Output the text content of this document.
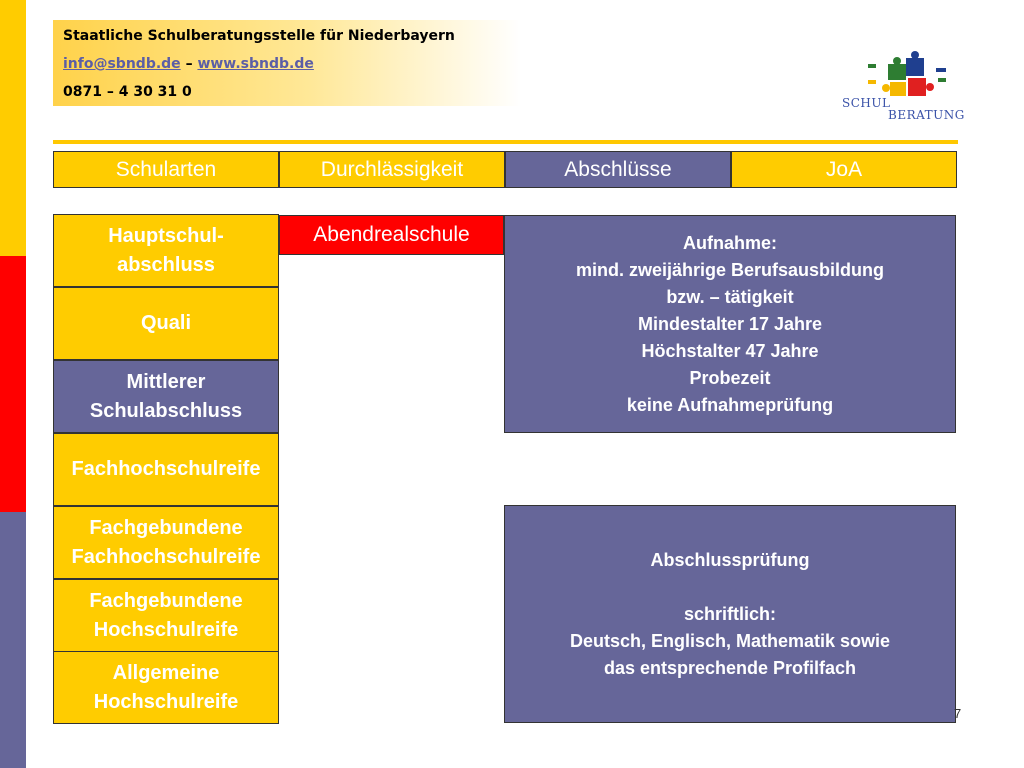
Staatliche Schulberatungsstelle für Niederbayern
info@sbndb.de – www.sbndb.de
0871 – 4 30 31 0
SCHUL
BERATUNG
Schularten	Durchlässigkeit	Abschlüsse	JoA
Hauptschul-
abschluss
Quali
Mittlerer
Schulabschluss
Fachhochschulreife
Fachgebundene
Fachhochschulreife
Fachgebundene
Hochschulreife
Allgemeine
Hochschulreife
Abendrealschule	Aufnahme:
mind. zweijährige Berufsausbildung
bzw. – tätigkeit
Mindestalter 17 Jahre
Höchstalter 47 Jahre
Probezeit
keine Aufnahmeprüfung
Abschlussprüfung
schriftlich:
Deutsch, Englisch, Mathematik sowie
das entsprechende Profilfach
7
